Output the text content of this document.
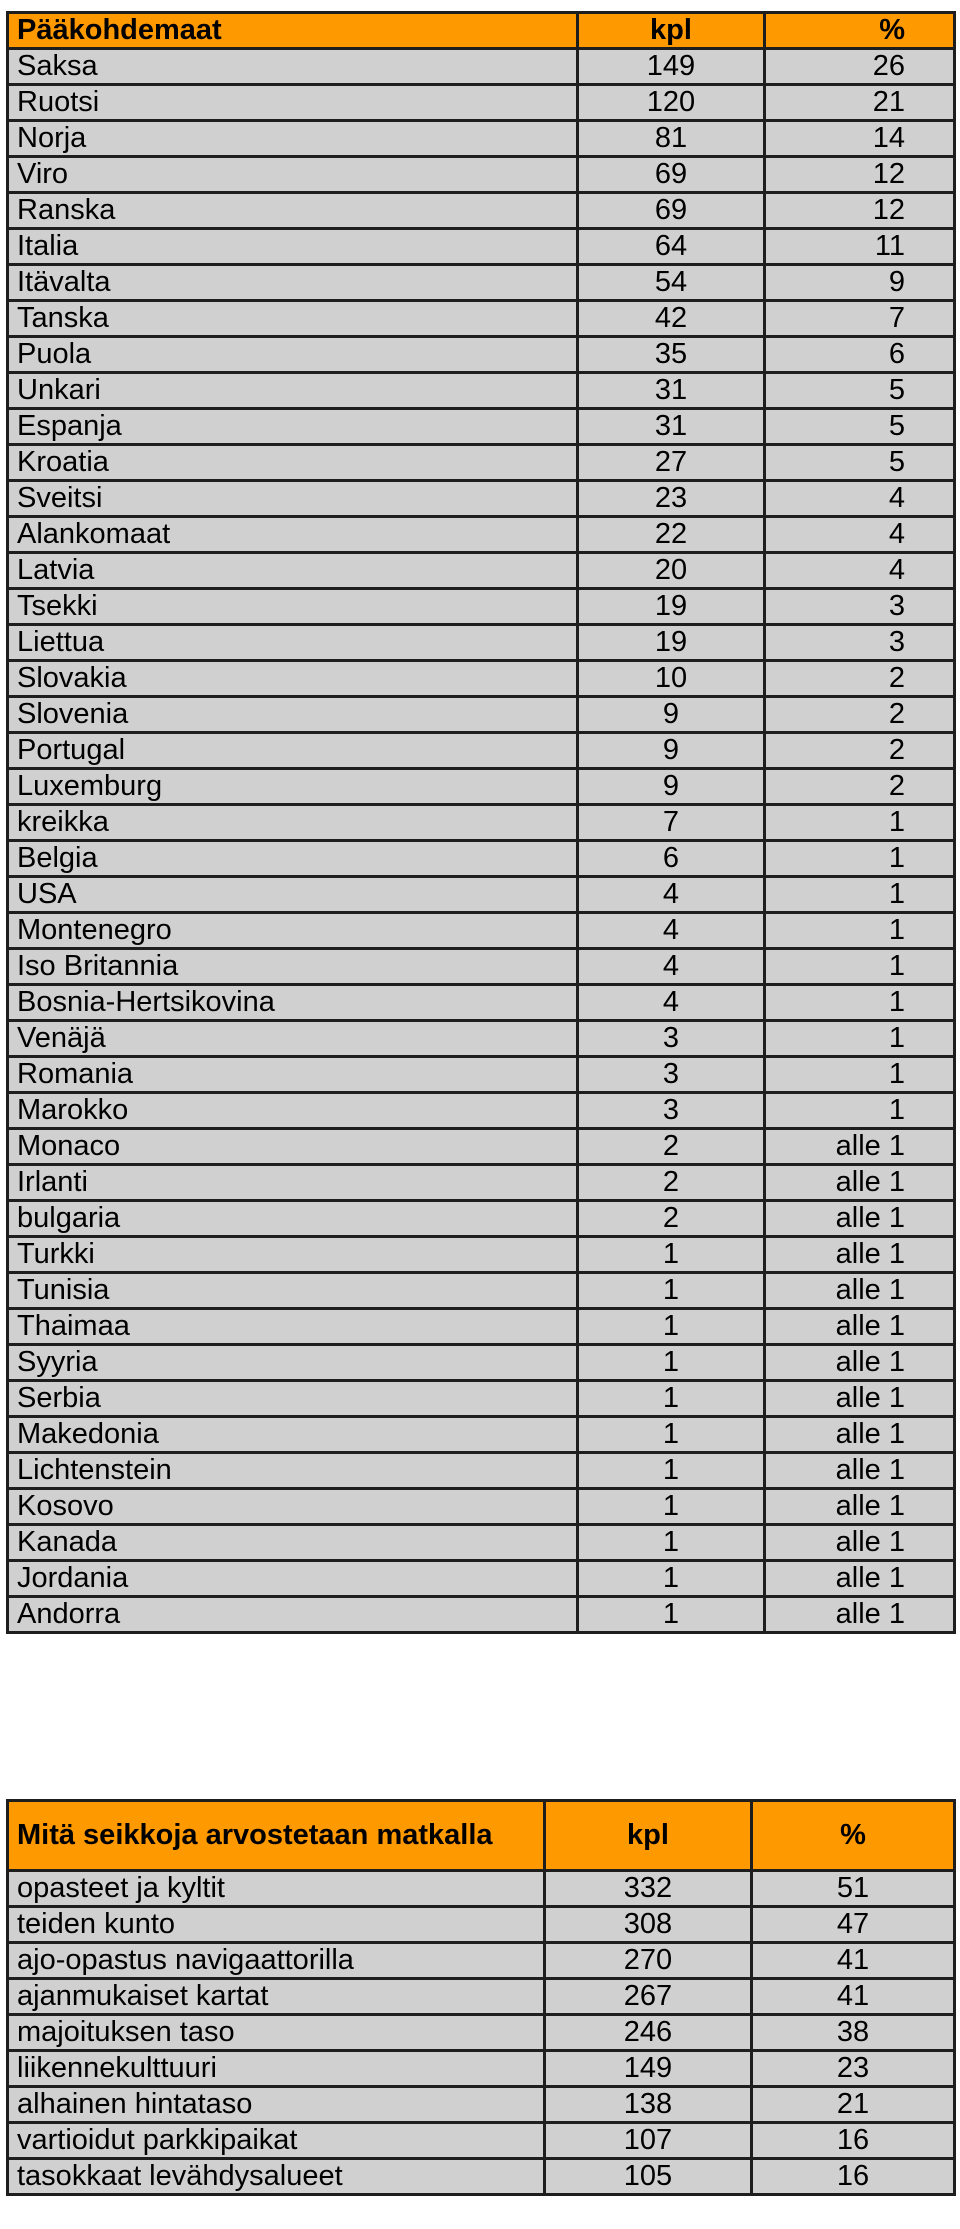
Pääkohdemaat	kpl	%
Saksa	149	26
Ruotsi	120	21
Norja	81	14
Viro	69	12
Ranska	69	12
Italia	64	11
Itävalta	54	9
Tanska	42	7
Puola	35	6
Unkari	31	5
Espanja	31	5
Kroatia	27	5
Sveitsi	23	4
Alankomaat	22	4
Latvia	20	4
Tsekki	19	3
Liettua	19	3
Slovakia	10	2
Slovenia	9	2
Portugal	9	2
Luxemburg	9	2
kreikka	7	1
Belgia	6	1
USA	4	1
Montenegro	4	1
Iso Britannia	4	1
Bosnia-Hertsikovina	4	1
Venäjä	3	1
Romania	3	1
Marokko	3	1
Monaco	2	alle 1
Irlanti	2	alle 1
bulgaria	2	alle 1
Turkki	1	alle 1
Tunisia	1	alle 1
Thaimaa	1	alle 1
Syyria	1	alle 1
Serbia	1	alle 1
Makedonia	1	alle 1
Lichtenstein	1	alle 1
Kosovo	1	alle 1
Kanada	1	alle 1
Jordania	1	alle 1
Andorra	1	alle 1
Mitä seikkoja arvostetaan matkalla	kpl	%
opasteet ja kyltit	332	51
teiden kunto	308	47
ajo-opastus navigaattorilla	270	41
ajanmukaiset kartat	267	41
majoituksen taso	246	38
liikennekulttuuri	149	23
alhainen hintataso	138	21
vartioidut parkkipaikat	107	16
tasokkaat levähdysalueet	105	16
